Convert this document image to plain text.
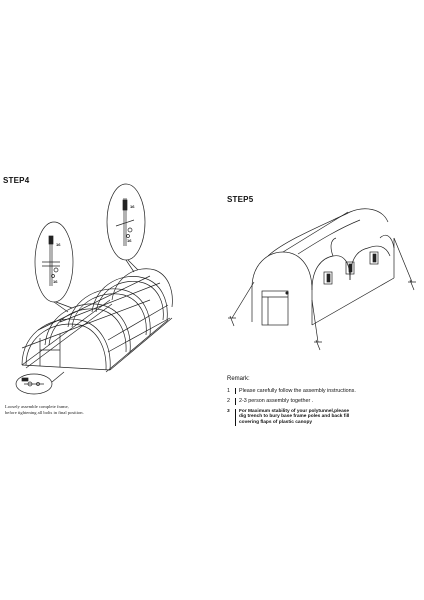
STEP4
STEP5
16
16
16
16
Loosely assemble complete frame,
before tightening all bolts in final position.
Remark:
1	Please carefully follow the assembly instructions.
2	2-3 person assembly together .
3	For Maximum stability of your polytunnel,please
dig trench to bury base frame poles and back fill
covering flaps of plastic canopy
